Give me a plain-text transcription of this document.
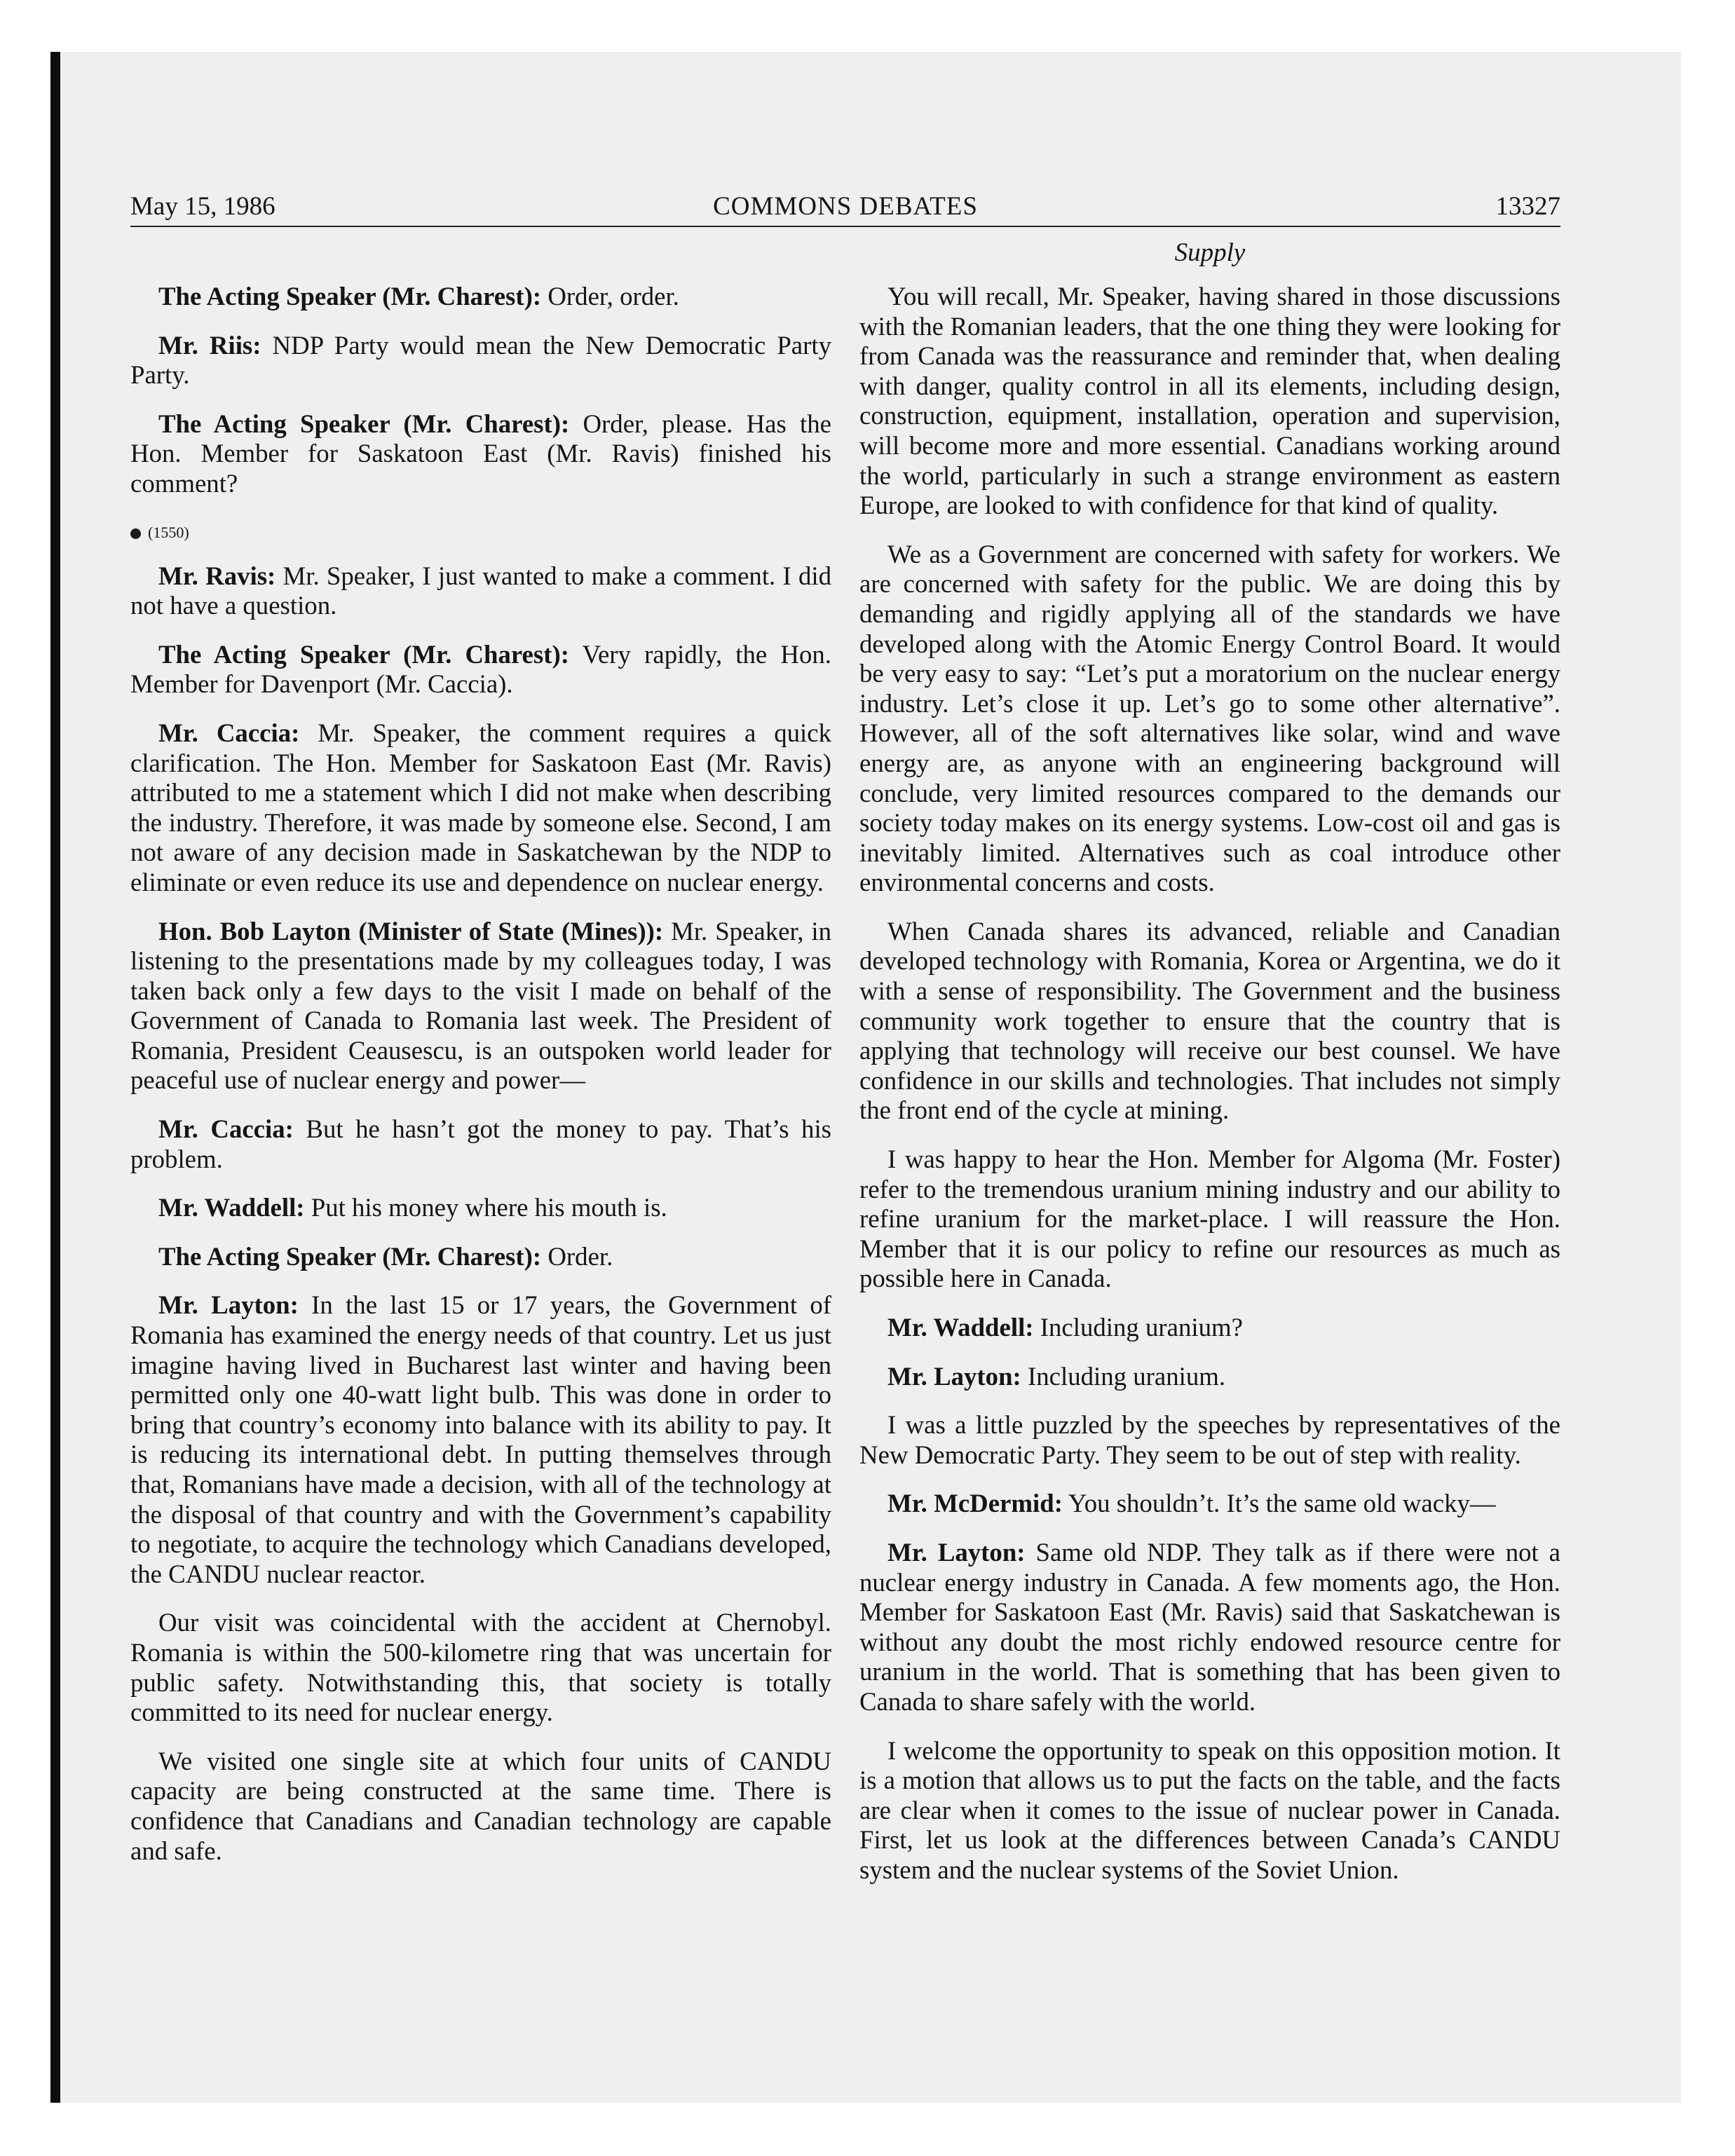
May 15, 1986	COMMONS DEBATES	13327
Supply

The Acting Speaker (Mr. Charest): Order, order.

Mr. Riis: NDP Party would mean the New Democratic Party Party.

The Acting Speaker (Mr. Charest): Order, please. Has the Hon. Member for Saskatoon East (Mr. Ravis) finished his comment?

(1550)

Mr. Ravis: Mr. Speaker, I just wanted to make a comment. I did not have a question.

The Acting Speaker (Mr. Charest): Very rapidly, the Hon. Member for Davenport (Mr. Caccia).

Mr. Caccia: Mr. Speaker, the comment requires a quick clarification. The Hon. Member for Saskatoon East (Mr. Ravis) attributed to me a statement which I did not make when describing the industry. Therefore, it was made by someone else. Second, I am not aware of any decision made in Saskatchewan by the NDP to eliminate or even reduce its use and dependence on nuclear energy.

Hon. Bob Layton (Minister of State (Mines)): Mr. Speaker, in listening to the presentations made by my colleagues today, I was taken back only a few days to the visit I made on behalf of the Government of Canada to Romania last week. The President of Romania, President Ceausescu, is an outspoken world leader for peaceful use of nuclear energy and power—

Mr. Caccia: But he hasn’t got the money to pay. That’s his problem.

Mr. Waddell: Put his money where his mouth is.

The Acting Speaker (Mr. Charest): Order.

Mr. Layton: In the last 15 or 17 years, the Government of Romania has examined the energy needs of that country. Let us just imagine having lived in Bucharest last winter and having been permitted only one 40-watt light bulb. This was done in order to bring that country’s economy into balance with its ability to pay. It is reducing its international debt. In putting themselves through that, Romanians have made a decision, with all of the technology at the disposal of that country and with the Government’s capability to negotiate, to acquire the technology which Canadians developed, the CANDU nuclear reactor.

Our visit was coincidental with the accident at Chernobyl. Romania is within the 500-kilometre ring that was uncertain for public safety. Notwithstanding this, that society is totally committed to its need for nuclear energy.

We visited one single site at which four units of CANDU capacity are being constructed at the same time. There is confidence that Canadians and Canadian technology are capable and safe.

You will recall, Mr. Speaker, having shared in those discussions with the Romanian leaders, that the one thing they were looking for from Canada was the reassurance and reminder that, when dealing with danger, quality control in all its elements, including design, construction, equipment, installation, operation and supervision, will become more and more essential. Canadians working around the world, particularly in such a strange environment as eastern Europe, are looked to with confidence for that kind of quality.

We as a Government are concerned with safety for workers. We are concerned with safety for the public. We are doing this by demanding and rigidly applying all of the standards we have developed along with the Atomic Energy Control Board. It would be very easy to say: “Let’s put a moratorium on the nuclear energy industry. Let’s close it up. Let’s go to some other alternative”. However, all of the soft alternatives like solar, wind and wave energy are, as anyone with an engineering background will conclude, very limited resources compared to the demands our society today makes on its energy systems. Low-cost oil and gas is inevitably limited. Alternatives such as coal introduce other environmental concerns and costs.

When Canada shares its advanced, reliable and Canadian developed technology with Romania, Korea or Argentina, we do it with a sense of responsibility. The Government and the business community work together to ensure that the country that is applying that technology will receive our best counsel. We have confidence in our skills and technologies. That includes not simply the front end of the cycle at mining.

I was happy to hear the Hon. Member for Algoma (Mr. Foster) refer to the tremendous uranium mining industry and our ability to refine uranium for the market-place. I will reassure the Hon. Member that it is our policy to refine our resources as much as possible here in Canada.

Mr. Waddell: Including uranium?

Mr. Layton: Including uranium.

I was a little puzzled by the speeches by representatives of the New Democratic Party. They seem to be out of step with reality.

Mr. McDermid: You shouldn’t. It’s the same old wacky—

Mr. Layton: Same old NDP. They talk as if there were not a nuclear energy industry in Canada. A few moments ago, the Hon. Member for Saskatoon East (Mr. Ravis) said that Saskatchewan is without any doubt the most richly endowed resource centre for uranium in the world. That is something that has been given to Canada to share safely with the world.

I welcome the opportunity to speak on this opposition motion. It is a motion that allows us to put the facts on the table, and the facts are clear when it comes to the issue of nuclear power in Canada. First, let us look at the differences between Canada’s CANDU system and the nuclear systems of the Soviet Union.
